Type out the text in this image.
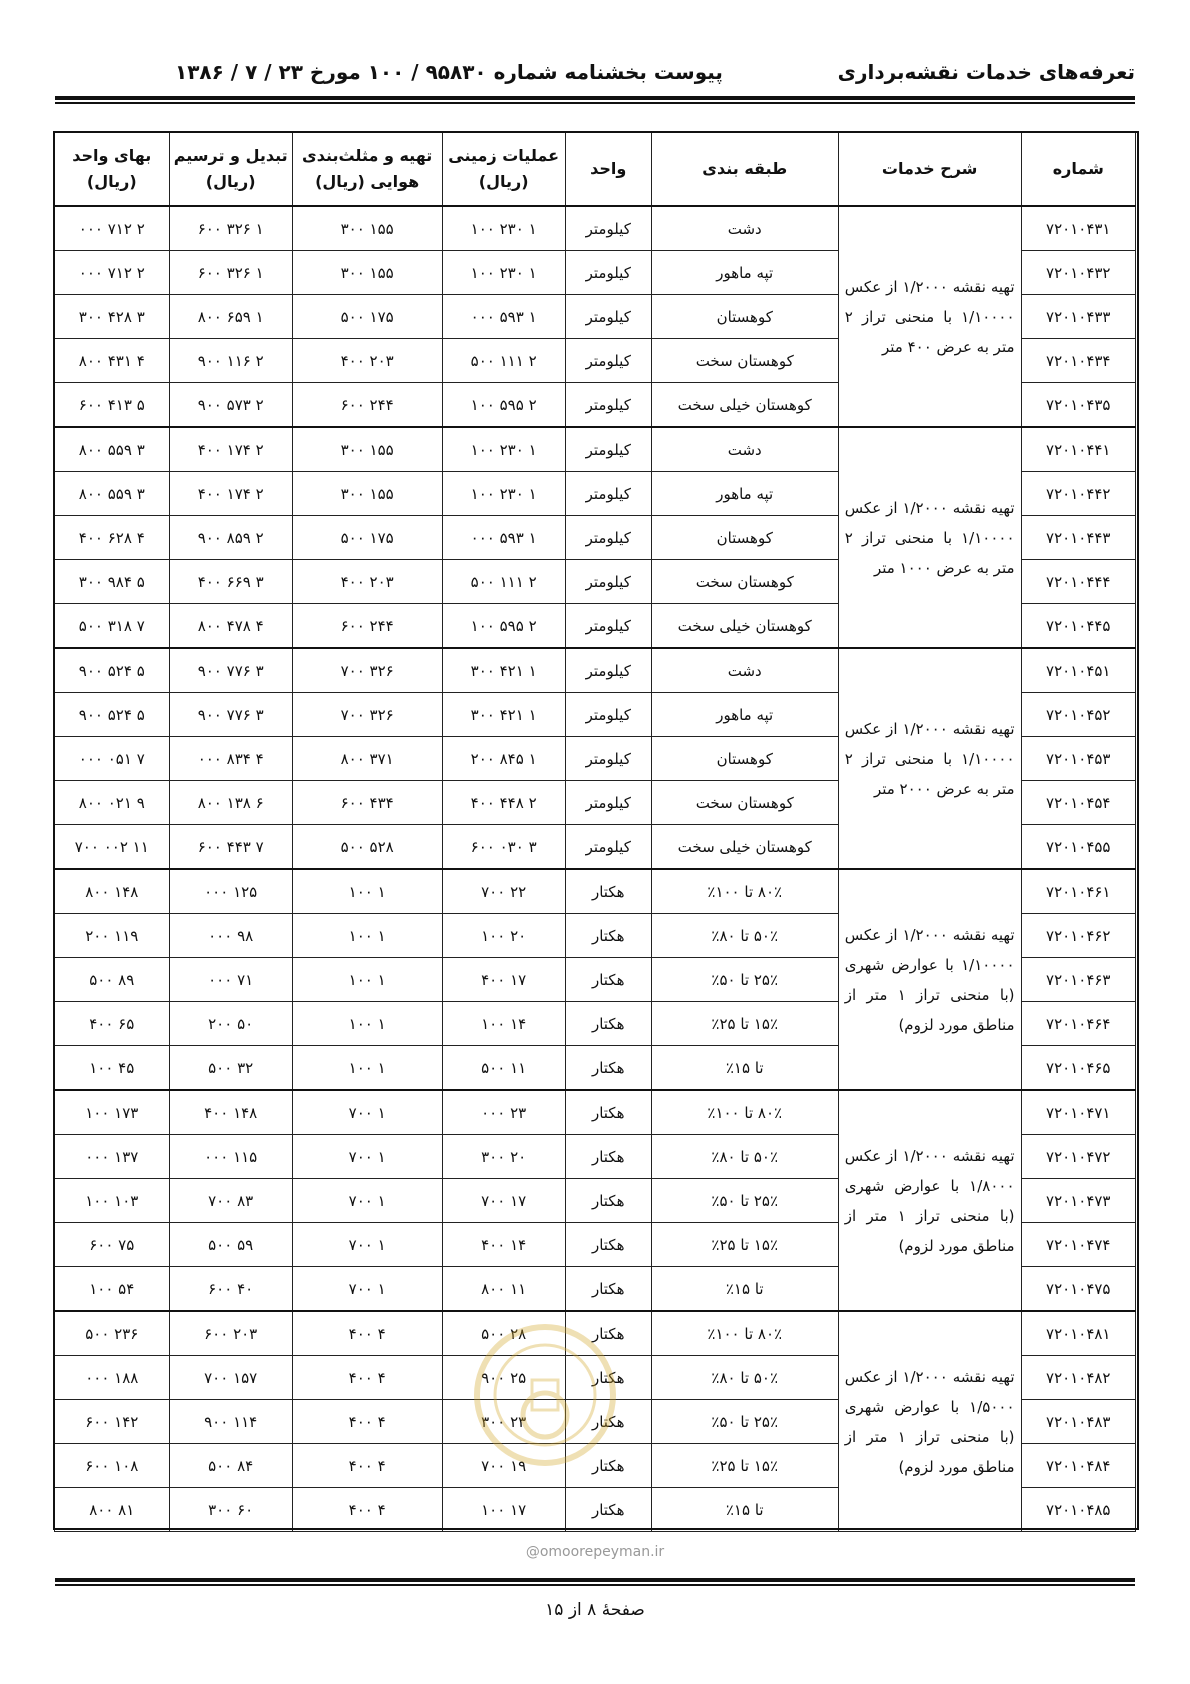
تعرفه‌های خدمات نقشه‌برداری
پیوست بخشنامه شماره ۹۵۸۳۰ / ۱۰۰ مورخ ۲۳ / ۷ / ۱۳۸۶
شماره	شرح خدمات	طبقه بندی	واحد	عملیات زمینی (ریال)	تهیه و مثلث‌بندی هوایی (ریال)	تبدیل و ترسیم (ریال)	بهای واحد (ریال)
۷۲۰۱۰۴۳۱	تهیه نقشه ۱/۲۰۰۰ از عکس ۱/۱۰۰۰۰ با منحنی تراز ۲ متر به عرض ۴۰۰ متر	دشت	کیلومتر	۱ ۲۳۰ ۱۰۰	۱۵۵ ۳۰۰	۱ ۳۲۶ ۶۰۰	۲ ۷۱۲ ۰۰۰
۷۲۰۱۰۴۳۲		تپه ماهور	کیلومتر	۱ ۲۳۰ ۱۰۰	۱۵۵ ۳۰۰	۱ ۳۲۶ ۶۰۰	۲ ۷۱۲ ۰۰۰
۷۲۰۱۰۴۳۳		کوهستان	کیلومتر	۱ ۵۹۳ ۰۰۰	۱۷۵ ۵۰۰	۱ ۶۵۹ ۸۰۰	۳ ۴۲۸ ۳۰۰
۷۲۰۱۰۴۳۴		کوهستان سخت	کیلومتر	۲ ۱۱۱ ۵۰۰	۲۰۳ ۴۰۰	۲ ۱۱۶ ۹۰۰	۴ ۴۳۱ ۸۰۰
۷۲۰۱۰۴۳۵		کوهستان خیلی سخت	کیلومتر	۲ ۵۹۵ ۱۰۰	۲۴۴ ۶۰۰	۲ ۵۷۳ ۹۰۰	۵ ۴۱۳ ۶۰۰
۷۲۰۱۰۴۴۱	تهیه نقشه ۱/۲۰۰۰ از عکس ۱/۱۰۰۰۰ با منحنی تراز ۲ متر به عرض ۱۰۰۰ متر	دشت	کیلومتر	۱ ۲۳۰ ۱۰۰	۱۵۵ ۳۰۰	۲ ۱۷۴ ۴۰۰	۳ ۵۵۹ ۸۰۰
۷۲۰۱۰۴۴۲		تپه ماهور	کیلومتر	۱ ۲۳۰ ۱۰۰	۱۵۵ ۳۰۰	۲ ۱۷۴ ۴۰۰	۳ ۵۵۹ ۸۰۰
۷۲۰۱۰۴۴۳		کوهستان	کیلومتر	۱ ۵۹۳ ۰۰۰	۱۷۵ ۵۰۰	۲ ۸۵۹ ۹۰۰	۴ ۶۲۸ ۴۰۰
۷۲۰۱۰۴۴۴		کوهستان سخت	کیلومتر	۲ ۱۱۱ ۵۰۰	۲۰۳ ۴۰۰	۳ ۶۶۹ ۴۰۰	۵ ۹۸۴ ۳۰۰
۷۲۰۱۰۴۴۵		کوهستان خیلی سخت	کیلومتر	۲ ۵۹۵ ۱۰۰	۲۴۴ ۶۰۰	۴ ۴۷۸ ۸۰۰	۷ ۳۱۸ ۵۰۰
۷۲۰۱۰۴۵۱	تهیه نقشه ۱/۲۰۰۰ از عکس ۱/۱۰۰۰۰ با منحنی تراز ۲ متر به عرض ۲۰۰۰ متر	دشت	کیلومتر	۱ ۴۲۱ ۳۰۰	۳۲۶ ۷۰۰	۳ ۷۷۶ ۹۰۰	۵ ۵۲۴ ۹۰۰
۷۲۰۱۰۴۵۲		تپه ماهور	کیلومتر	۱ ۴۲۱ ۳۰۰	۳۲۶ ۷۰۰	۳ ۷۷۶ ۹۰۰	۵ ۵۲۴ ۹۰۰
۷۲۰۱۰۴۵۳		کوهستان	کیلومتر	۱ ۸۴۵ ۲۰۰	۳۷۱ ۸۰۰	۴ ۸۳۴ ۰۰۰	۷ ۰۵۱ ۰۰۰
۷۲۰۱۰۴۵۴		کوهستان سخت	کیلومتر	۲ ۴۴۸ ۴۰۰	۴۳۴ ۶۰۰	۶ ۱۳۸ ۸۰۰	۹ ۰۲۱ ۸۰۰
۷۲۰۱۰۴۵۵		کوهستان خیلی سخت	کیلومتر	۳ ۰۳۰ ۶۰۰	۵۲۸ ۵۰۰	۷ ۴۴۳ ۶۰۰	۱۱ ۰۰۲ ۷۰۰
۷۲۰۱۰۴۶۱	تهیه نقشه ۱/۲۰۰۰ از عکس ۱/۱۰۰۰۰ با عوارض شهری (با منحنی تراز ۱ متر از مناطق مورد لزوم)	۸۰٪ تا ۱۰۰٪	هکتار	۲۲ ۷۰۰	۱ ۱۰۰	۱۲۵ ۰۰۰	۱۴۸ ۸۰۰
۷۲۰۱۰۴۶۲		۵۰٪ تا ۸۰٪	هکتار	۲۰ ۱۰۰	۱ ۱۰۰	۹۸ ۰۰۰	۱۱۹ ۲۰۰
۷۲۰۱۰۴۶۳		۲۵٪ تا ۵۰٪	هکتار	۱۷ ۴۰۰	۱ ۱۰۰	۷۱ ۰۰۰	۸۹ ۵۰۰
۷۲۰۱۰۴۶۴		۱۵٪ تا ۲۵٪	هکتار	۱۴ ۱۰۰	۱ ۱۰۰	۵۰ ۲۰۰	۶۵ ۴۰۰
۷۲۰۱۰۴۶۵		تا ۱۵٪	هکتار	۱۱ ۵۰۰	۱ ۱۰۰	۳۲ ۵۰۰	۴۵ ۱۰۰
۷۲۰۱۰۴۷۱	تهیه نقشه ۱/۲۰۰۰ از عکس ۱/۸۰۰۰ با عوارض شهری (با منحنی تراز ۱ متر از مناطق مورد لزوم)	۸۰٪ تا ۱۰۰٪	هکتار	۲۳ ۰۰۰	۱ ۷۰۰	۱۴۸ ۴۰۰	۱۷۳ ۱۰۰
۷۲۰۱۰۴۷۲		۵۰٪ تا ۸۰٪	هکتار	۲۰ ۳۰۰	۱ ۷۰۰	۱۱۵ ۰۰۰	۱۳۷ ۰۰۰
۷۲۰۱۰۴۷۳		۲۵٪ تا ۵۰٪	هکتار	۱۷ ۷۰۰	۱ ۷۰۰	۸۳ ۷۰۰	۱۰۳ ۱۰۰
۷۲۰۱۰۴۷۴		۱۵٪ تا ۲۵٪	هکتار	۱۴ ۴۰۰	۱ ۷۰۰	۵۹ ۵۰۰	۷۵ ۶۰۰
۷۲۰۱۰۴۷۵		تا ۱۵٪	هکتار	۱۱ ۸۰۰	۱ ۷۰۰	۴۰ ۶۰۰	۵۴ ۱۰۰
۷۲۰۱۰۴۸۱	تهیه نقشه ۱/۲۰۰۰ از عکس ۱/۵۰۰۰ با عوارض شهری (با منحنی تراز ۱ متر از مناطق مورد لزوم)	۸۰٪ تا ۱۰۰٪	هکتار	۲۸ ۵۰۰	۴ ۴۰۰	۲۰۳ ۶۰۰	۲۳۶ ۵۰۰
۷۲۰۱۰۴۸۲		۵۰٪ تا ۸۰٪	هکتار	۲۵ ۹۰۰	۴ ۴۰۰	۱۵۷ ۷۰۰	۱۸۸ ۰۰۰
۷۲۰۱۰۴۸۳		۲۵٪ تا ۵۰٪	هکتار	۲۳ ۳۰۰	۴ ۴۰۰	۱۱۴ ۹۰۰	۱۴۲ ۶۰۰
۷۲۰۱۰۴۸۴		۱۵٪ تا ۲۵٪	هکتار	۱۹ ۷۰۰	۴ ۴۰۰	۸۴ ۵۰۰	۱۰۸ ۶۰۰
۷۲۰۱۰۴۸۵		تا ۱۵٪	هکتار	۱۷ ۱۰۰	۴ ۴۰۰	۶۰ ۳۰۰	۸۱ ۸۰۰
@omoorepeyman.ir
صفحهٔ ۸ از ۱۵
